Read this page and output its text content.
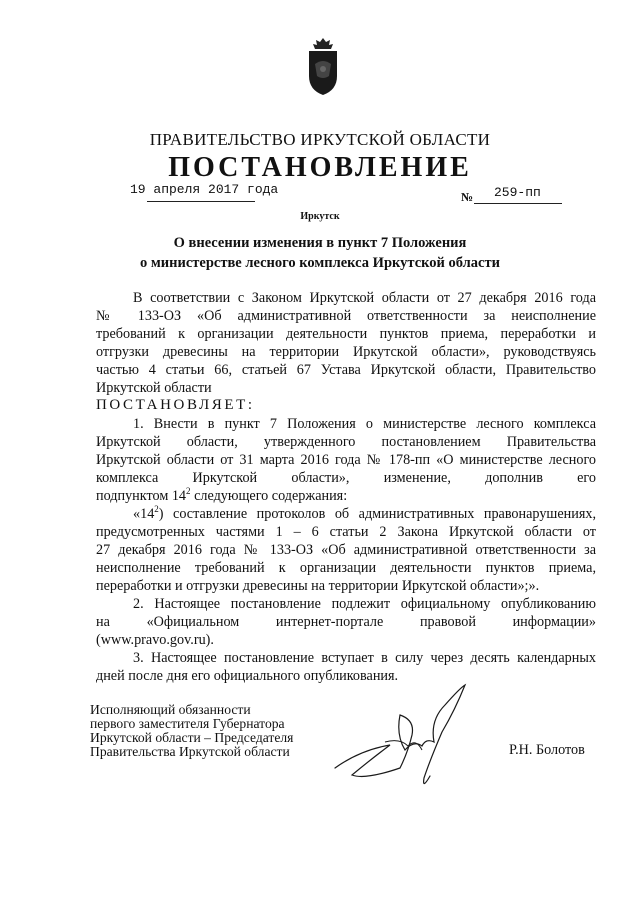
ПРАВИТЕЛЬСТВО ИРКУТСКОЙ ОБЛАСТИ
ПОСТАНОВЛЕНИЕ
19 апреля 2017 года	№ 259-пп
Иркутск
О внесении изменения в пункт 7 Положения
о министерстве лесного комплекса Иркутской области
В соответствии с Законом Иркутской области от 27 декабря 2016 года
№ 133-ОЗ «Об административной ответственности за неисполнение
требований к организации деятельности пунктов приема, переработки и
отгрузки древесины на территории Иркутской области», руководствуясь
частью 4 статьи 66, статьей 67 Устава Иркутской области, Правительство
Иркутской области
ПОСТАНОВЛЯЕТ:
1. Внести в пункт 7 Положения о министерстве лесного комплекса
Иркутской области, утвержденного постановлением Правительства
Иркутской области от 31 марта 2016 года № 178-пп «О министерстве лесного
комплекса Иркутской области», изменение, дополнив его
подпунктом $14^2$ следующего содержания:
«$14^2$) составление протоколов об административных правонарушениях,
предусмотренных частями 1 – 6 статьи 2 Закона Иркутской области от
27 декабря 2016 года № 133-ОЗ «Об административной ответственности за
неисполнение требований к организации деятельности пунктов приема,
переработки и отгрузки древесины на территории Иркутской области»;».
2. Настоящее постановление подлежит официальному опубликованию
на «Официальном интернет-портале правовой информации»
(www.pravo.gov.ru).
3. Настоящее постановление вступает в силу через десять календарных
дней после дня его официального опубликования.
Исполняющий обязанности
первого заместителя Губернатора
Иркутской области – Председателя
Правительства Иркутской области	Р.Н. Болотов
